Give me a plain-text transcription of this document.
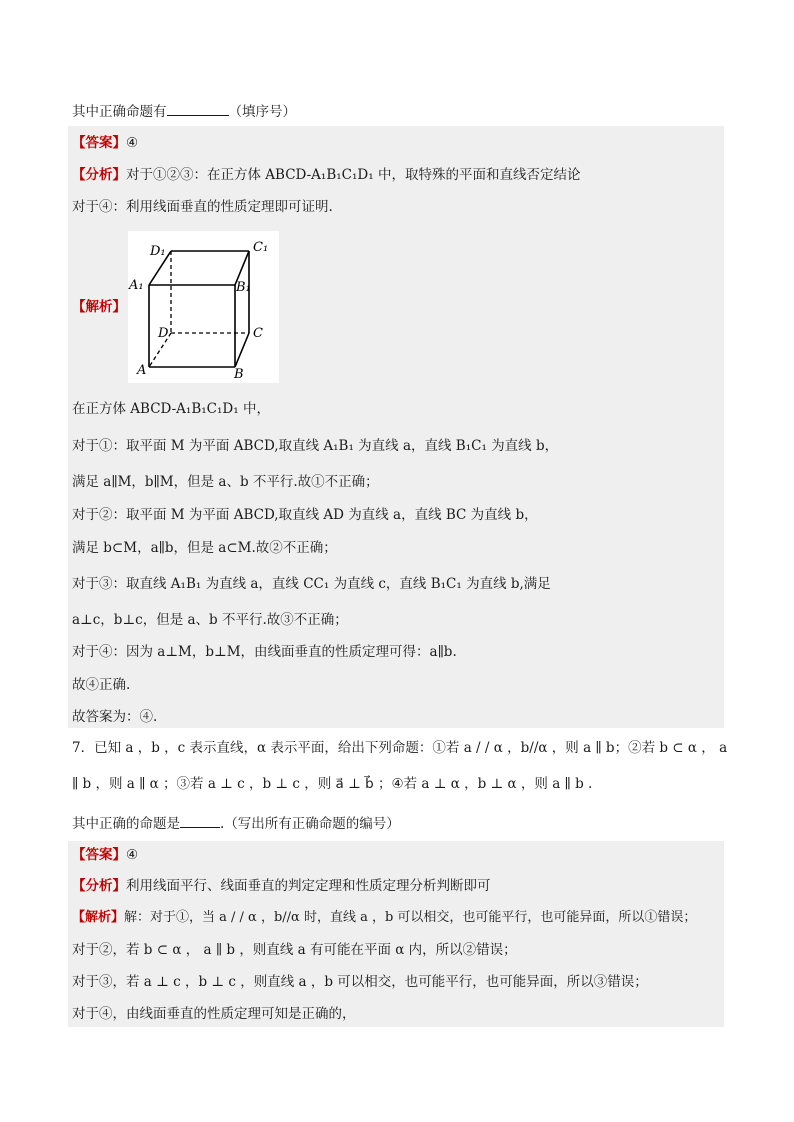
其中正确命题有	（填序号）
【答案】④
【分析】对于①②③：在正方体 ABCD-A₁B₁C₁D₁ 中，取特殊的平面和直线否定结论
对于④：利用线面垂直的性质定理即可证明.
【解析】
D₁	C₁
A₁	B₁
D	C
A	B
在正方体 ABCD-A₁B₁C₁D₁ 中，
对于①：取平面 M 为平面 ABCD,取直线 A₁B₁ 为直线 a，直线 B₁C₁ 为直线 b，
满足 a∥M，b∥M，但是 a、b 不平行.故①不正确；
对于②：取平面 M 为平面 ABCD,取直线 AD 为直线 a，直线 BC 为直线 b，
满足 b⊂M，a∥b，但是 a⊂M.故②不正确；
对于③：取直线 A₁B₁ 为直线 a，直线 CC₁ 为直线 c，直线 B₁C₁ 为直线 b,满足
a⊥c，b⊥c，但是 a、b 不平行.故③不正确；
对于④：因为 a⊥M，b⊥M，由线面垂直的性质定理可得：a∥b.
故④正确.
故答案为：④.
7．已知 a ，b ，c 表示直线，α 表示平面，给出下列命题：①若 a / / α ，b//α ，则 a ∥ b；②若 b ⊂ α ， a
∥ b ，则 a ∥ α ；③若 a ⊥ c ，b ⊥ c ，则 a⃗ ⊥ b⃗ ；④若 a ⊥ α ，b ⊥ α ，则 a ∥ b .
其中正确的命题是	.（写出所有正确命题的编号）
【答案】④
【分析】利用线面平行、线面垂直的判定定理和性质定理分析判断即可
【解析】解：对于①，当 a / / α ，b//α 时，直线 a ，b 可以相交，也可能平行，也可能异面，所以①错误；
对于②，若 b ⊂ α ， a ∥ b ，则直线 a 有可能在平面 α 内，所以②错误；
对于③，若 a ⊥ c ，b ⊥ c ，则直线 a ，b 可以相交，也可能平行，也可能异面，所以③错误；
对于④，由线面垂直的性质定理可知是正确的，
